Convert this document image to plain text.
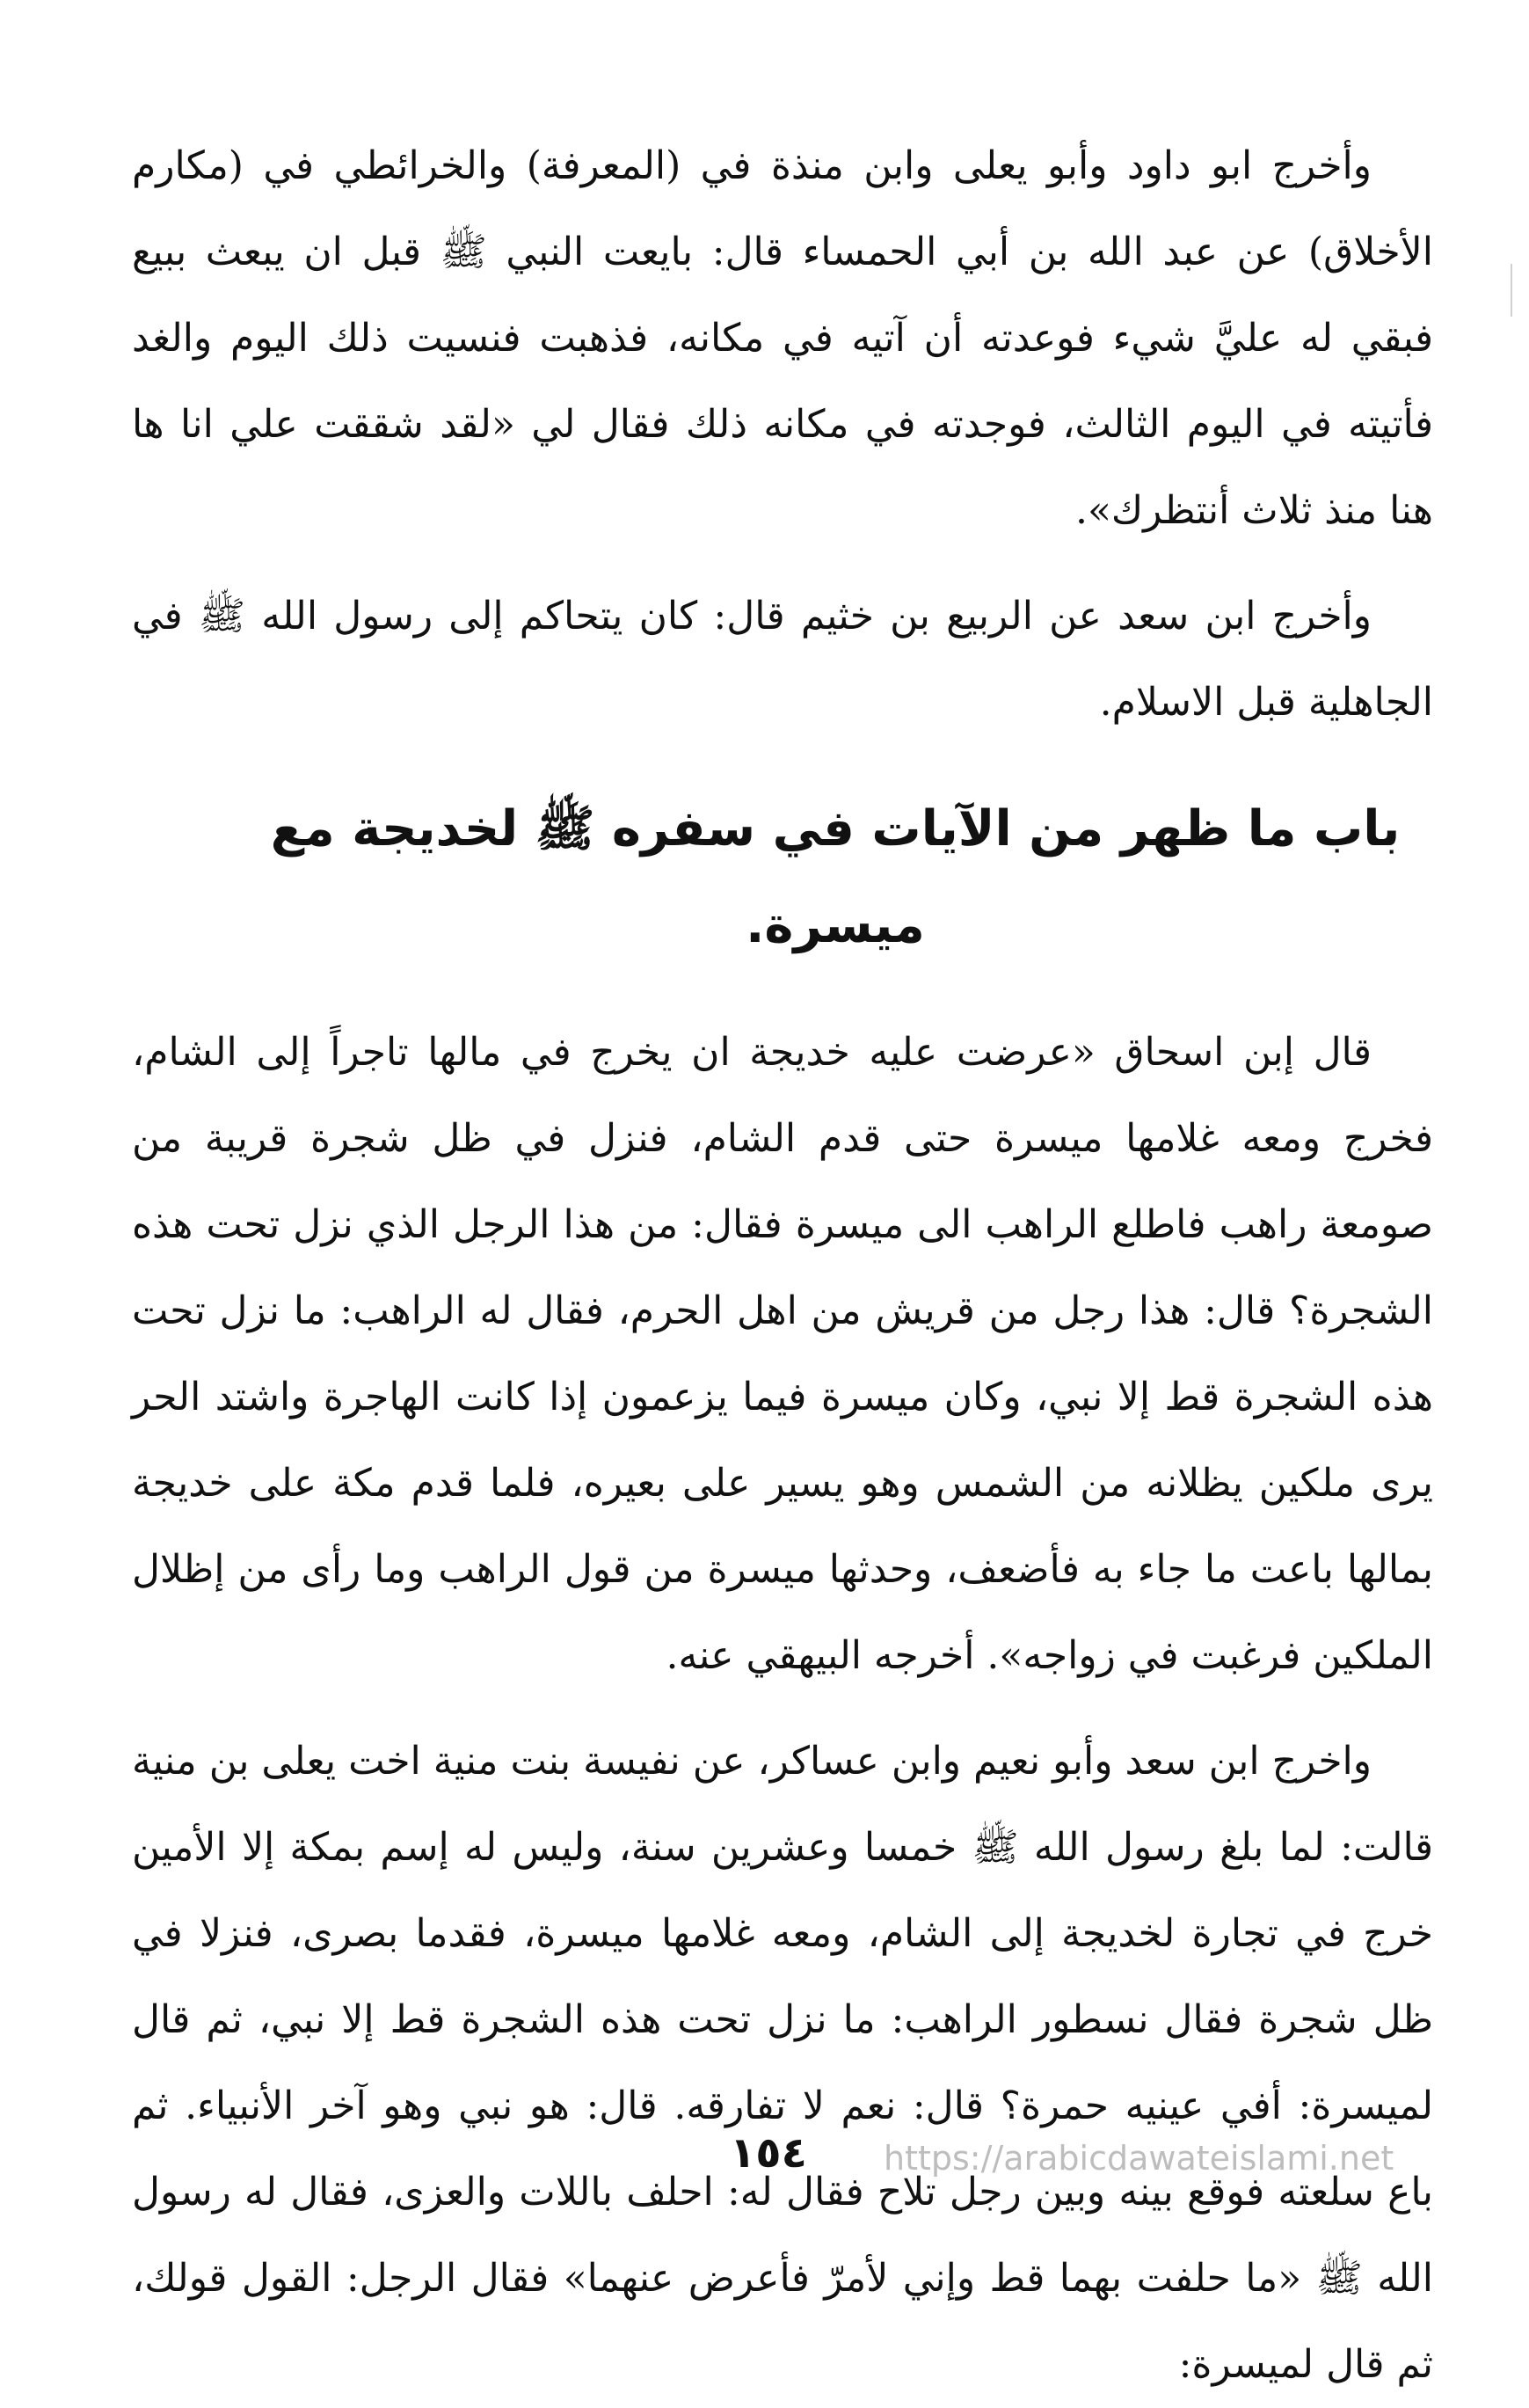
وأخرج ابو داود وأبو يعلى وابن منذة في (المعرفة) والخرائطي في (مكارم الأخلاق) عن عبد الله بن أبي الحمساء قال: بايعت النبي ﷺ قبل ان يبعث ببيع فبقي له عليَّ شيء فوعدته أن آتيه في مكانه، فذهبت فنسيت ذلك اليوم والغد فأتيته في اليوم الثالث، فوجدته في مكانه ذلك فقال لي «لقد شققت علي انا ها هنا منذ ثلاث أنتظرك».

وأخرج ابن سعد عن الربيع بن خثيم قال: كان يتحاكم إلى رسول الله ﷺ في الجاهلية قبل الاسلام.

باب ما ظهر من الآيات في سفره ﷺ لخديجة مع ميسرة.

قال إبن اسحاق «عرضت عليه خديجة ان يخرج في مالها تاجراً إلى الشام، فخرج ومعه غلامها ميسرة حتى قدم الشام، فنزل في ظل شجرة قريبة من صومعة راهب فاطلع الراهب الى ميسرة فقال: من هذا الرجل الذي نزل تحت هذه الشجرة؟ قال: هذا رجل من قريش من اهل الحرم، فقال له الراهب: ما نزل تحت هذه الشجرة قط إلا نبي، وكان ميسرة فيما يزعمون إذا كانت الهاجرة واشتد الحر يرى ملكين يظلانه من الشمس وهو يسير على بعيره، فلما قدم مكة على خديجة بمالها باعت ما جاء به فأضعف، وحدثها ميسرة من قول الراهب وما رأى من إظلال الملكين فرغبت في زواجه». أخرجه البيهقي عنه.

واخرج ابن سعد وأبو نعيم وابن عساكر، عن نفيسة بنت منية اخت يعلى بن منية قالت: لما بلغ رسول الله ﷺ خمسا وعشرين سنة، وليس له إسم بمكة إلا الأمين خرج في تجارة لخديجة إلى الشام، ومعه غلامها ميسرة، فقدما بصرى، فنزلا في ظل شجرة فقال نسطور الراهب: ما نزل تحت هذه الشجرة قط إلا نبي، ثم قال لميسرة: أفي عينيه حمرة؟ قال: نعم لا تفارقه. قال: هو نبي وهو آخر الأنبياء. ثم باع سلعته فوقع بينه وبين رجل تلاح فقال له: احلف باللات والعزى، فقال له رسول الله ﷺ «ما حلفت بهما قط وإني لأمرّ فأعرض عنهما» فقال الرجل: القول قولك، ثم قال لميسرة:

١٥٤ https://arabicdawateislami.net
